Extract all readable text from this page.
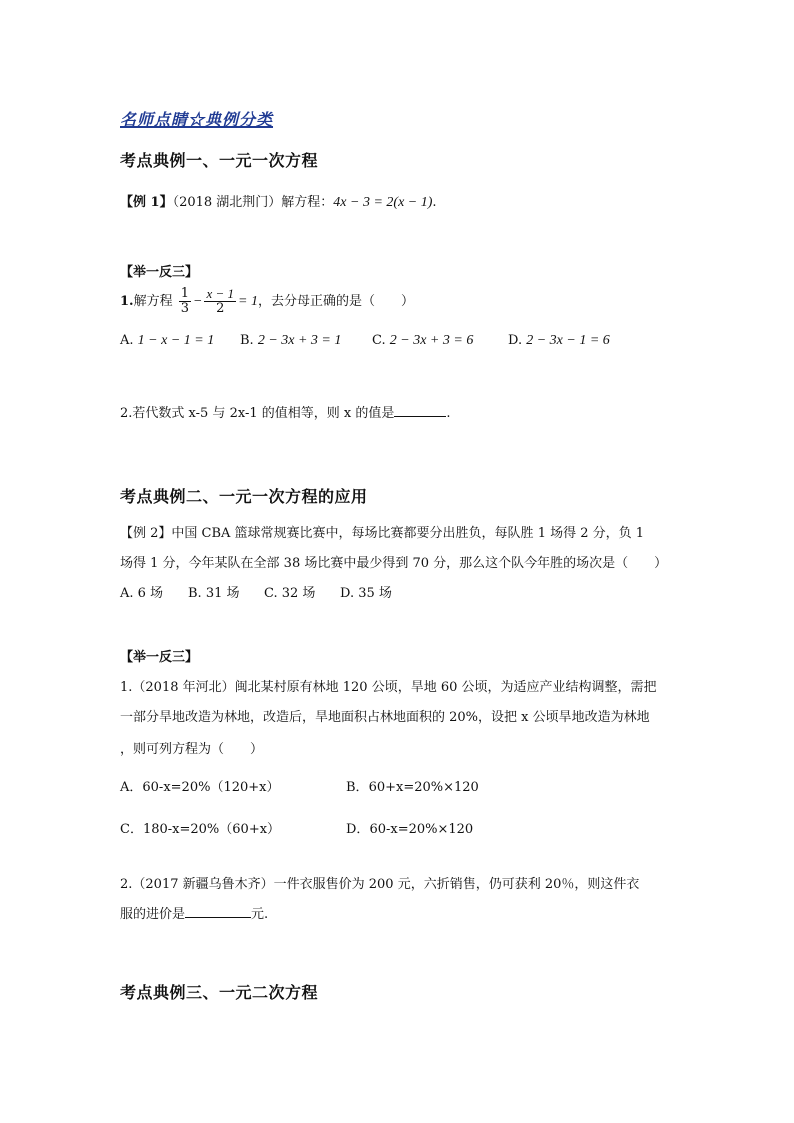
名师点睛☆典例分类
考点典例一、一元一次方程
【例 1】（2018 湖北荆门）解方程：4x − 3 = 2(x − 1).
【举一反三】
1.解方程 $\frac{1}{3} - \frac{x - 1}{2} = 1$，去分母正确的是（　　）
A. 1 − x − 1 = 1 B. 2 − 3x + 3 = 1 C. 2 − 3x + 3 = 6	D. 2 − 3x − 1 = 6
2.若代数式 x-5 与 2x-1 的值相等，则 x 的值是	.
考点典例二、一元一次方程的应用
【例 2】中国 CBA 篮球常规赛比赛中，每场比赛都要分出胜负，每队胜 1 场得 2 分，负 1
场得 1 分，今年某队在全部 38 场比赛中最少得到 70 分，那么这个队今年胜的场次是（　　）
A. 6 场 B. 31 场 C. 32 场 D. 35 场
【举一反三】
1.（2018 年河北）闽北某村原有林地 120 公顷，旱地 60 公顷，为适应产业结构调整，需把
一部分旱地改造为林地，改造后，旱地面积占林地面积的 20%，设把 x 公顷旱地改造为林地
，则可列方程为（　　）
A．60-x=20%（120+x）	B．60+x=20%×120
C．180-x=20%（60+x）	D．60-x=20%×120
2.（2017 新疆乌鲁木齐）一件衣服售价为 200 元，六折销售，仍可获利 20％，则这件衣
服的进价是	元.
考点典例三、一元二次方程
